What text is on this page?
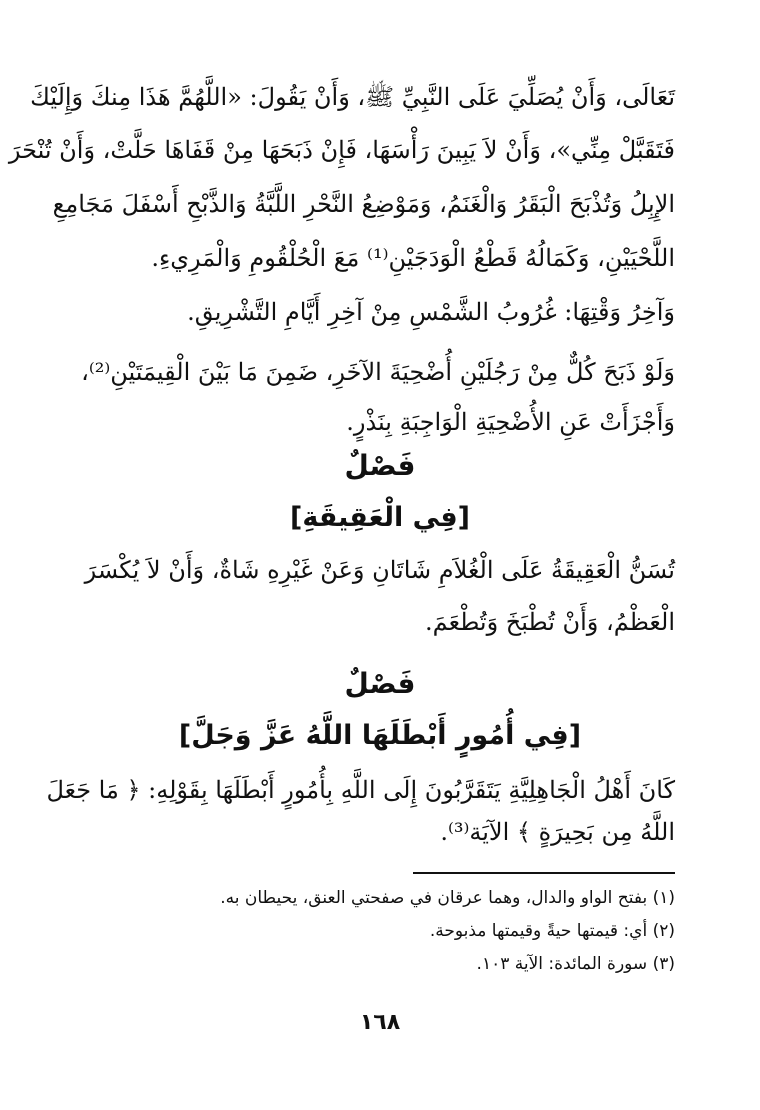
تَعَالَى، وَأَنْ يُصَلِّيَ عَلَى النَّبِيِّ ﷺ، وَأَنْ يَقُولَ: «اللَّهُمَّ هَذَا مِنكَ وَإِلَيْكَ
فَتَقَبَّلْ مِنِّي»، وَأَنْ لاَ يَبِينَ رَأْسَهَا، فَإِنْ ذَبَحَهَا مِنْ قَفَاهَا حَلَّتْ، وَأَنْ تُنْحَرَ
الإِبِلُ وَتُذْبَحَ الْبَقَرُ وَالْغَنَمُ، وَمَوْضِعُ النَّحْرِ اللَّبَّةُ وَالذَّبْحِ أَسْفَلَ مَجَامِعِ
اللَّحْيَيْنِ، وَكَمَالُهُ قَطْعُ الْوَدَجَيْنِ⁽¹⁾ مَعَ الْحُلْقُومِ وَالْمَرِيءِ.
وَآخِرُ وَقْتِهَا: غُرُوبُ الشَّمْسِ مِنْ آخِرِ أَيَّامِ التَّشْرِيقِ.
وَلَوْ ذَبَحَ كُلٌّ مِنْ رَجُلَيْنِ أُضْحِيَةَ الآخَرِ، ضَمِنَ مَا بَيْنَ الْقِيمَتَيْنِ⁽²⁾،
وَأَجْزَأَتْ عَنِ الأُضْحِيَةِ الْوَاجِبَةِ بِنَذْرٍ.
فَصْلٌ
[فِي الْعَقِيقَةِ]
تُسَنُّ الْعَقِيقَةُ عَلَى الْغُلاَمِ شَاتَانِ وَعَنْ غَيْرِهِ شَاةٌ، وَأَنْ لاَ يُكْسَرَ
الْعَظْمُ، وَأَنْ تُطْبَخَ وَتُطْعَمَ.
فَصْلٌ
[فِي أُمُورٍ أَبْطَلَهَا اللَّهُ عَزَّ وَجَلَّ]
كَانَ أَهْلُ الْجَاهِلِيَّةِ يَتَقَرَّبُونَ إِلَى اللَّهِ بِأُمُورٍ أَبْطَلَهَا بِقَوْلِهِ: ﴿ مَا جَعَلَ
اللَّهُ مِن بَحِيرَةٍ ﴾ الآيَة⁽³⁾.
(١) بفتح الواو والدال، وهما عرقان في صفحتي العنق، يحيطان به.
(٢) أي: قيمتها حيةً وقيمتها مذبوحة.
(٣) سورة المائدة: الآية ١٠٣.
١٦٨
